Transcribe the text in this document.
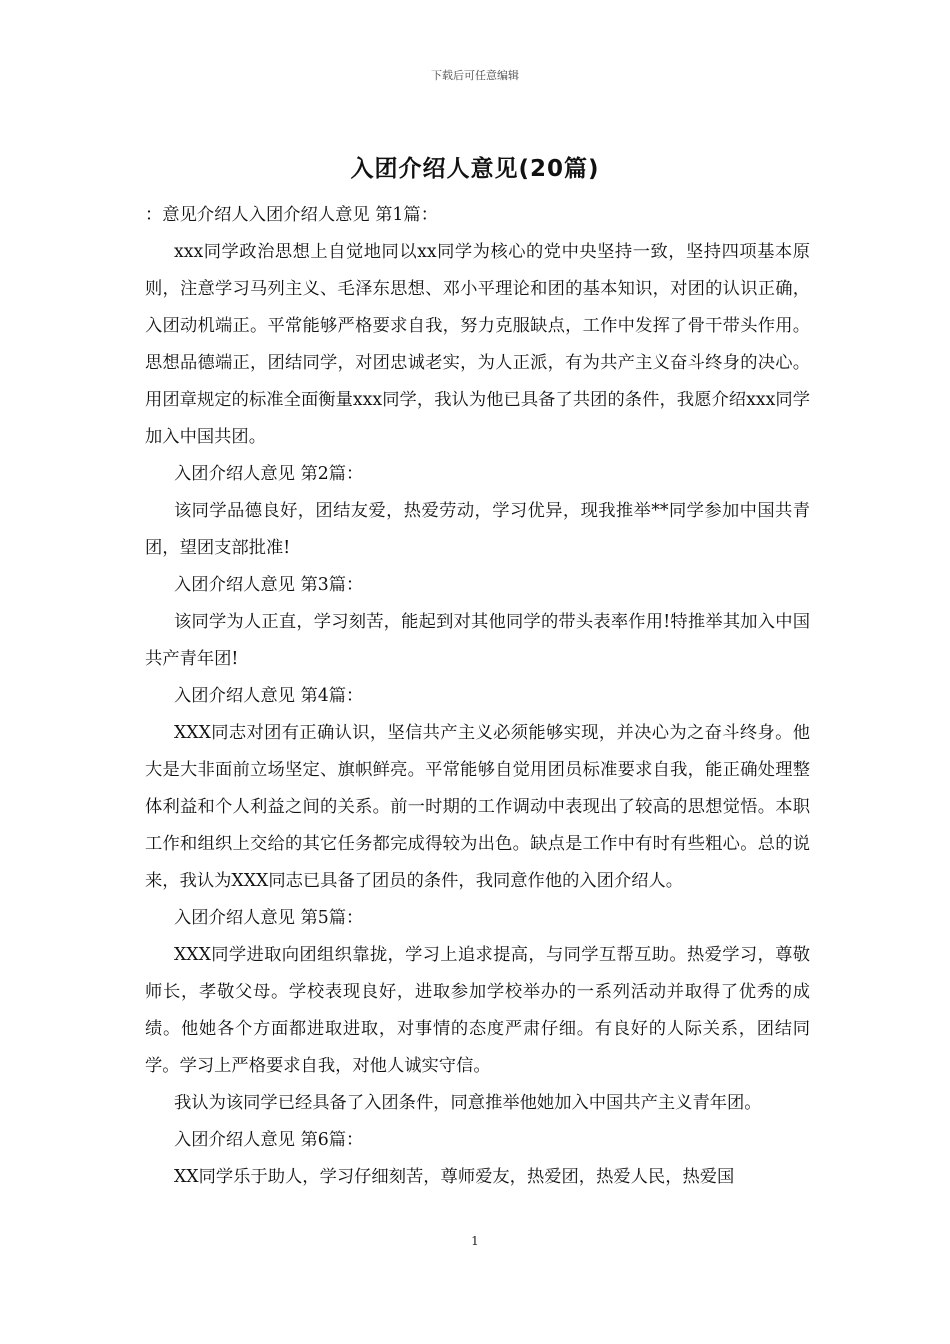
下载后可任意编辑
入团介绍人意见(20篇)

：意见介绍人入团介绍人意见 第1篇：

xxx同学政治思想上自觉地同以xx同学为核心的党中央坚持一致，坚持四项基本原则，注意学习马列主义、毛泽东思想、邓小平理论和团的基本知识，对团的认识正确，入团动机端正。平常能够严格要求自我，努力克服缺点，工作中发挥了骨干带头作用。思想品德端正，团结同学，对团忠诚老实，为人正派，有为共产主义奋斗终身的决心。用团章规定的标准全面衡量xxx同学，我认为他已具备了共团的条件，我愿介绍xxx同学加入中国共团。

入团介绍人意见 第2篇：

该同学品德良好，团结友爱，热爱劳动，学习优异，现我推举**同学参加中国共青团，望团支部批准!

入团介绍人意见 第3篇：

该同学为人正直，学习刻苦，能起到对其他同学的带头表率作用!特推举其加入中国共产青年团!

入团介绍人意见 第4篇：

XXX同志对团有正确认识，坚信共产主义必须能够实现，并决心为之奋斗终身。他大是大非面前立场坚定、旗帜鲜亮。平常能够自觉用团员标准要求自我，能正确处理整体利益和个人利益之间的关系。前一时期的工作调动中表现出了较高的思想觉悟。本职工作和组织上交给的其它任务都完成得较为出色。缺点是工作中有时有些粗心。总的说来，我认为XXX同志已具备了团员的条件，我同意作他的入团介绍人。

入团介绍人意见 第5篇：

XXX同学进取向团组织靠拢，学习上追求提高，与同学互帮互助。热爱学习，尊敬师长，孝敬父母。学校表现良好，进取参加学校举办的一系列活动并取得了优秀的成绩。他她各个方面都进取进取，对事情的态度严肃仔细。有良好的人际关系，团结同学。学习上严格要求自我，对他人诚实守信。

我认为该同学已经具备了入团条件，同意推举他她加入中国共产主义青年团。

入团介绍人意见 第6篇：

XX同学乐于助人，学习仔细刻苦，尊师爱友，热爱团，热爱人民，热爱国

1
